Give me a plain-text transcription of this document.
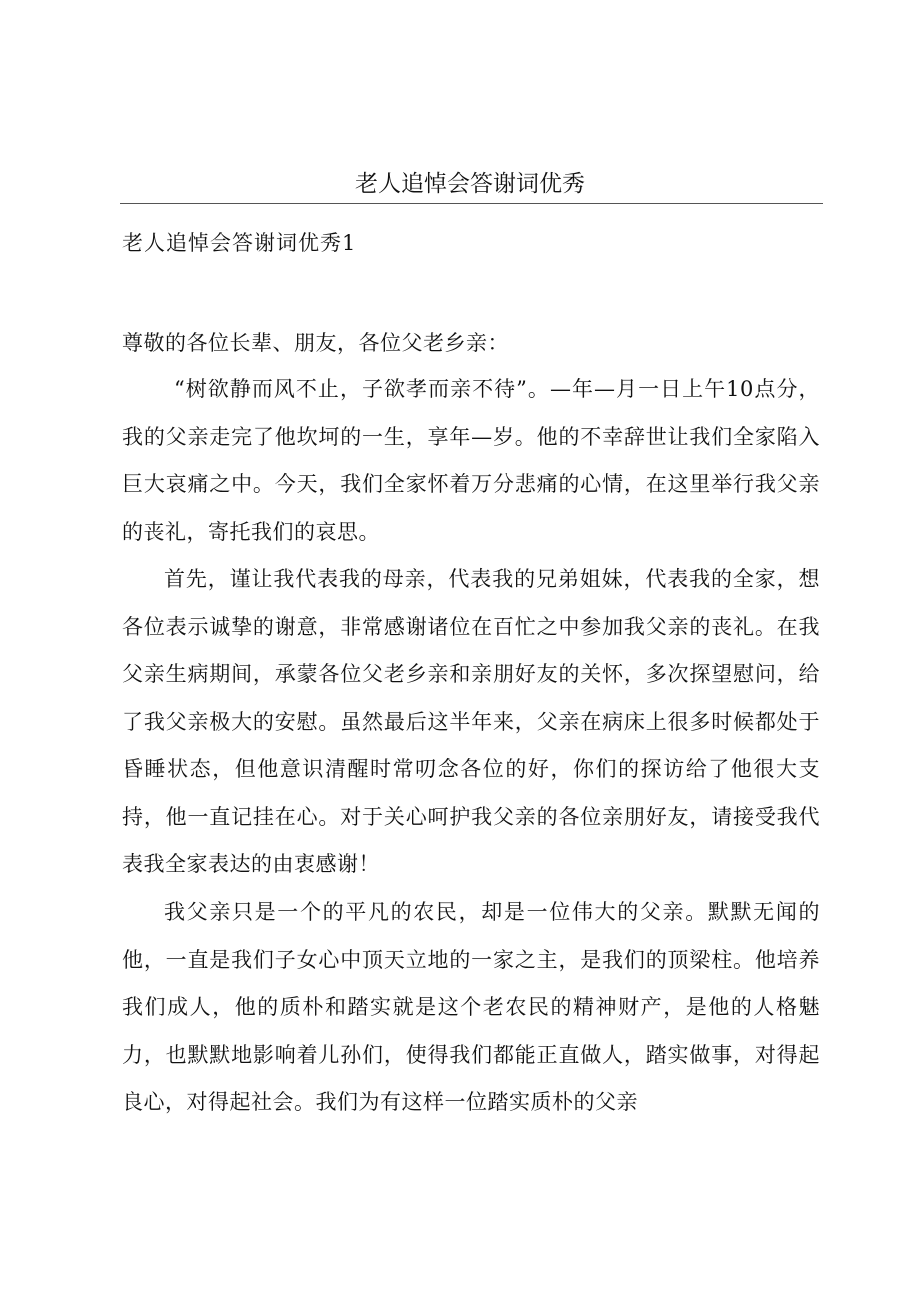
老人追悼会答谢词优秀
老人追悼会答谢词优秀1

尊敬的各位长辈、朋友，各位父老乡亲：

“树欲静而风不止，子欲孝而亲不待”。—年—月一日上午10点分，我的父亲走完了他坎坷的一生，享年—岁。他的不幸辞世让我们全家陷入巨大哀痛之中。今天，我们全家怀着万分悲痛的心情，在这里举行我父亲的丧礼，寄托我们的哀思。

首先，谨让我代表我的母亲，代表我的兄弟姐妹，代表我的全家，想各位表示诚挚的谢意，非常感谢诸位在百忙之中参加我父亲的丧礼。在我父亲生病期间，承蒙各位父老乡亲和亲朋好友的关怀，多次探望慰问，给了我父亲极大的安慰。虽然最后这半年来，父亲在病床上很多时候都处于昏睡状态，但他意识清醒时常叨念各位的好，你们的探访给了他很大支持，他一直记挂在心。对于关心呵护我父亲的各位亲朋好友，请接受我代表我全家表达的由衷感谢！

我父亲只是一个的平凡的农民，却是一位伟大的父亲。默默无闻的他，一直是我们子女心中顶天立地的一家之主，是我们的顶梁柱。他培养我们成人，他的质朴和踏实就是这个老农民的精神财产，是他的人格魅力，也默默地影响着儿孙们，使得我们都能正直做人，踏实做事，对得起良心，对得起社会。我们为有这样一位踏实质朴的父亲
